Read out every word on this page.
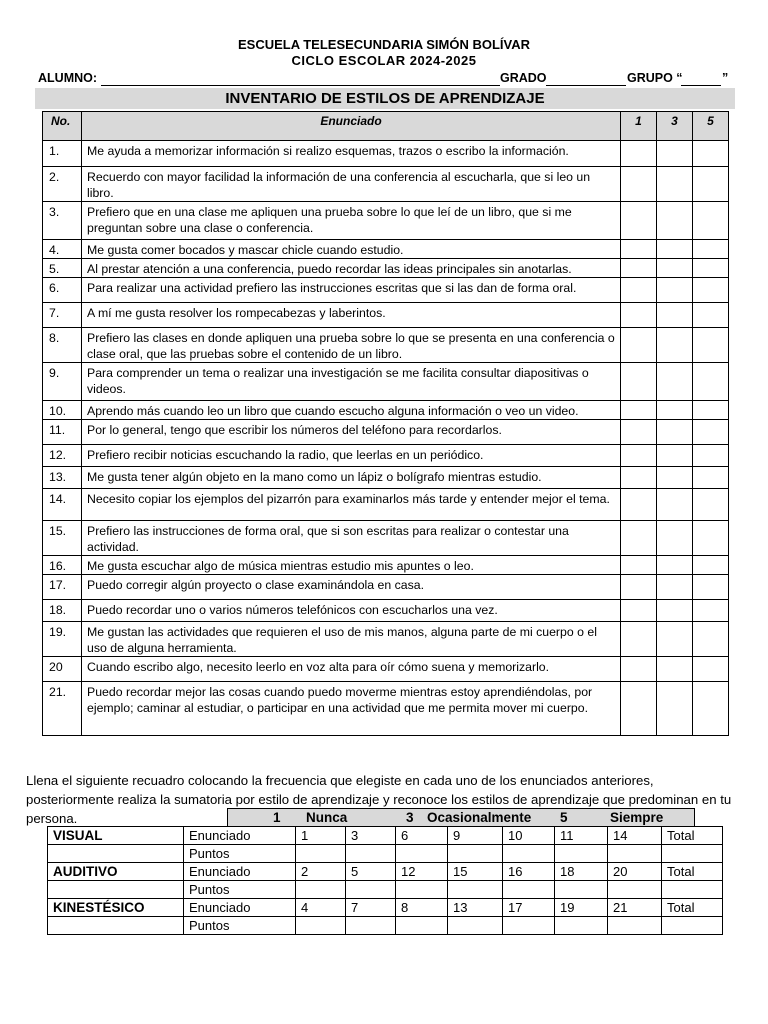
ESCUELA TELESECUNDARIA SIMÓN BOLÍVAR
CICLO ESCOLAR 2024-2025
ALUMNO:	GRADO	GRUPO “	”
INVENTARIO DE ESTILOS DE APRENDIZAJE
No.	Enunciado	1	3	5
1.	Me ayuda a memorizar información si realizo esquemas, trazos o escribo la información.			
2.	Recuerdo con mayor facilidad la información de una conferencia al escucharla, que si leo un libro.			
3.	Prefiero que en una clase me apliquen una prueba sobre lo que leí de un libro, que si me preguntan sobre una clase o conferencia.			
4.	Me gusta comer bocados y mascar chicle cuando estudio.			
5.	Al prestar atención a una conferencia, puedo recordar las ideas principales sin anotarlas.			
6.	Para realizar una actividad prefiero las instrucciones escritas que si las dan de forma oral.			
7.	A mí me gusta resolver los rompecabezas y laberintos.			
8.	Prefiero las clases en donde apliquen una prueba sobre lo que se presenta en una conferencia o clase oral, que las pruebas sobre el contenido de un libro.			
9.	Para comprender un tema o realizar una investigación se me facilita consultar diapositivas o videos.			
10.	Aprendo más cuando leo un libro que cuando escucho alguna información o veo un video.			
11.	Por lo general, tengo que escribir los números del teléfono para recordarlos.			
12.	Prefiero recibir noticias escuchando la radio, que leerlas en un periódico.			
13.	Me gusta tener algún objeto en la mano como un lápiz o bolígrafo mientras estudio.			
14.	Necesito copiar los ejemplos del pizarrón para examinarlos más tarde y entender mejor el tema.			
15.	Prefiero las instrucciones de forma oral, que si son escritas para realizar o contestar una actividad.			
16.	Me gusta escuchar algo de música mientras estudio mis apuntes o leo.			
17.	Puedo corregir algún proyecto o clase examinándola en casa.			
18.	Puedo recordar uno o varios números telefónicos con escucharlos una vez.			
19.	Me gustan las actividades que requieren el uso de mis manos, alguna parte de mi cuerpo o el uso de alguna herramienta.			
20	Cuando escribo algo, necesito leerlo en voz alta para oír cómo suena y memorizarlo.			
21.	Puedo recordar mejor las cosas cuando puedo moverme mientras estoy aprendiéndolas, por ejemplo; caminar al estudiar, o participar en una actividad que me permita mover mi cuerpo.			
Llena el siguiente recuadro colocando la frecuencia que elegiste en cada uno de los enunciados anteriores, posteriormente realiza la sumatoria por estilo de aprendizaje y reconoce los estilos de aprendizaje que predominan en tu persona.	1 Nunca	3 Ocasionalmente 5	Siempre
VISUAL	Enunciado	1	3	6	9	10	11	14	Total
	Puntos								
AUDITIVO	Enunciado	2	5	12	15	16	18	20	Total
	Puntos								
KINESTÉSICO	Enunciado	4	7	8	13	17	19	21	Total
	Puntos								
